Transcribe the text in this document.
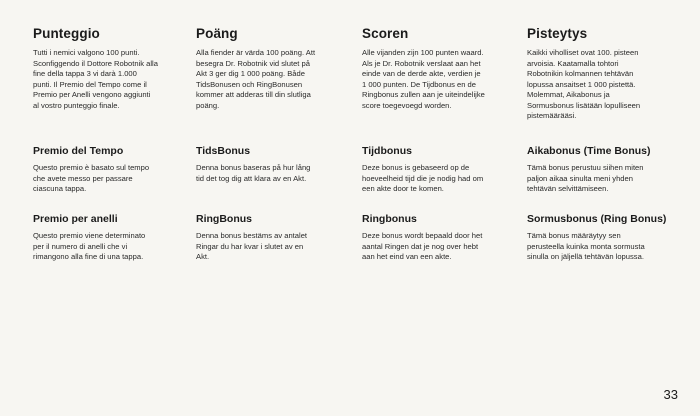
Punteggio

Tutti i nemici valgono 100 punti.
Sconfiggendo il Dottore Robotnik alla
fine della tappa 3 vi darà 1.000
punti. Il Premio del Tempo come il
Premio per Anelli vengono aggiunti
al vostro punteggio finale.

Premio del Tempo

Questo premio è basato sul tempo
che avete messo per passare
ciascuna tappa.

Premio per anelli

Questo premio viene determinato
per il numero di anelli che vi
rimangono alla fine di una tappa.

Poäng

Alla fiender är värda 100 poäng. Att
besegra Dr. Robotnik vid slutet på
Akt 3 ger dig 1 000 poäng. Både
TidsBonusen och RingBonusen
kommer att adderas till din slutliga
poäng.

TidsBonus

Denna bonus baseras på hur lång
tid det tog dig att klara av en Akt.

RingBonus

Denna bonus bestäms av antalet
Ringar du har kvar i slutet av en
Akt.

Scoren

Alle vijanden zijn 100 punten waard.
Als je Dr. Robotnik verslaat aan het
einde van de derde akte, verdien je
1 000 punten. De Tijdbonus en de
Ringbonus zullen aan je uiteindelijke
score toegevoegd worden.

Tijdbonus

Deze bonus is gebaseerd op de
hoeveelheid tijd die je nodig had om
een akte door te komen.

Ringbonus

Deze bonus wordt bepaald door het
aantal Ringen dat je nog over hebt
aan het eind van een akte.

Pisteytys

Kaikki viholliset ovat 100. pisteen
arvoisia. Kaatamalla tohtori
Robotnikin kolmannen tehtävän
lopussa ansaitset 1 000 pistettä.
Molemmat, Aikabonus ja
Sormusbonus lisätään lopulliseen
pistemäärääsi.

Aikabonus (Time Bonus)

Tämä bonus perustuu siihen miten
paljon aikaa sinulta meni yhden
tehtävän selvittämiseen.

Sormusbonus (Ring Bonus)

Tämä bonus määräytyy sen
perusteella kuinka monta sormusta
sinulla on jäljellä tehtävän lopussa.

33
